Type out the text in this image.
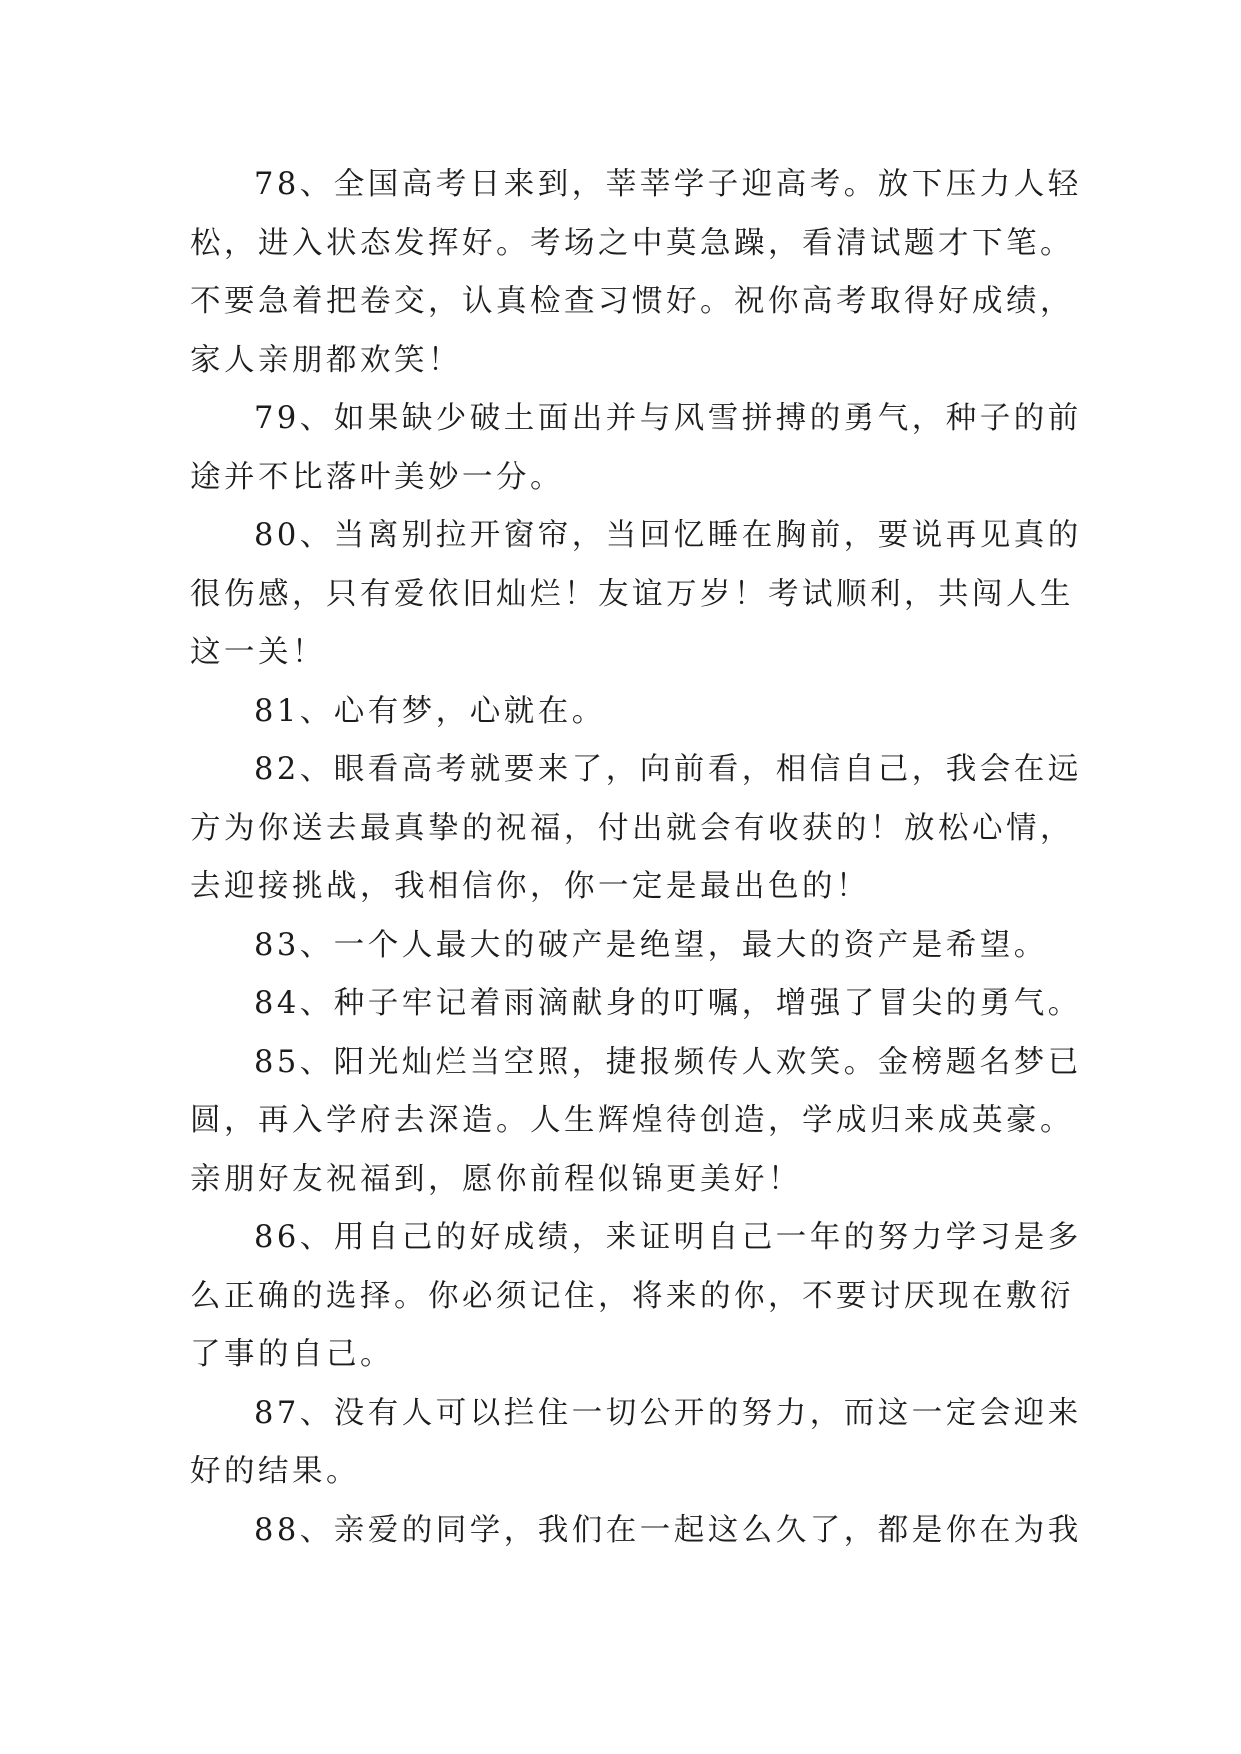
78、全国高考日来到，莘莘学子迎高考。放下压力人轻
松，进入状态发挥好。考场之中莫急躁，看清试题才下笔。
不要急着把卷交，认真检查习惯好。祝你高考取得好成绩，
家人亲朋都欢笑！

79、如果缺少破土面出并与风雪拼搏的勇气，种子的前
途并不比落叶美妙一分。

80、当离别拉开窗帘，当回忆睡在胸前，要说再见真的
很伤感，只有爱依旧灿烂！友谊万岁！考试顺利，共闯人生
这一关！

81、心有梦，心就在。

82、眼看高考就要来了，向前看，相信自己，我会在远
方为你送去最真挚的祝福，付出就会有收获的！放松心情，
去迎接挑战，我相信你，你一定是最出色的！

83、一个人最大的破产是绝望，最大的资产是希望。

84、种子牢记着雨滴献身的叮嘱，增强了冒尖的勇气。

85、阳光灿烂当空照，捷报频传人欢笑。金榜题名梦已
圆，再入学府去深造。人生辉煌待创造，学成归来成英豪。
亲朋好友祝福到，愿你前程似锦更美好！

86、用自己的好成绩，来证明自己一年的努力学习是多
么正确的选择。你必须记住，将来的你，不要讨厌现在敷衍
了事的自己。

87、没有人可以拦住一切公开的努力，而这一定会迎来
好的结果。

88、亲爱的同学，我们在一起这么久了，都是你在为我
